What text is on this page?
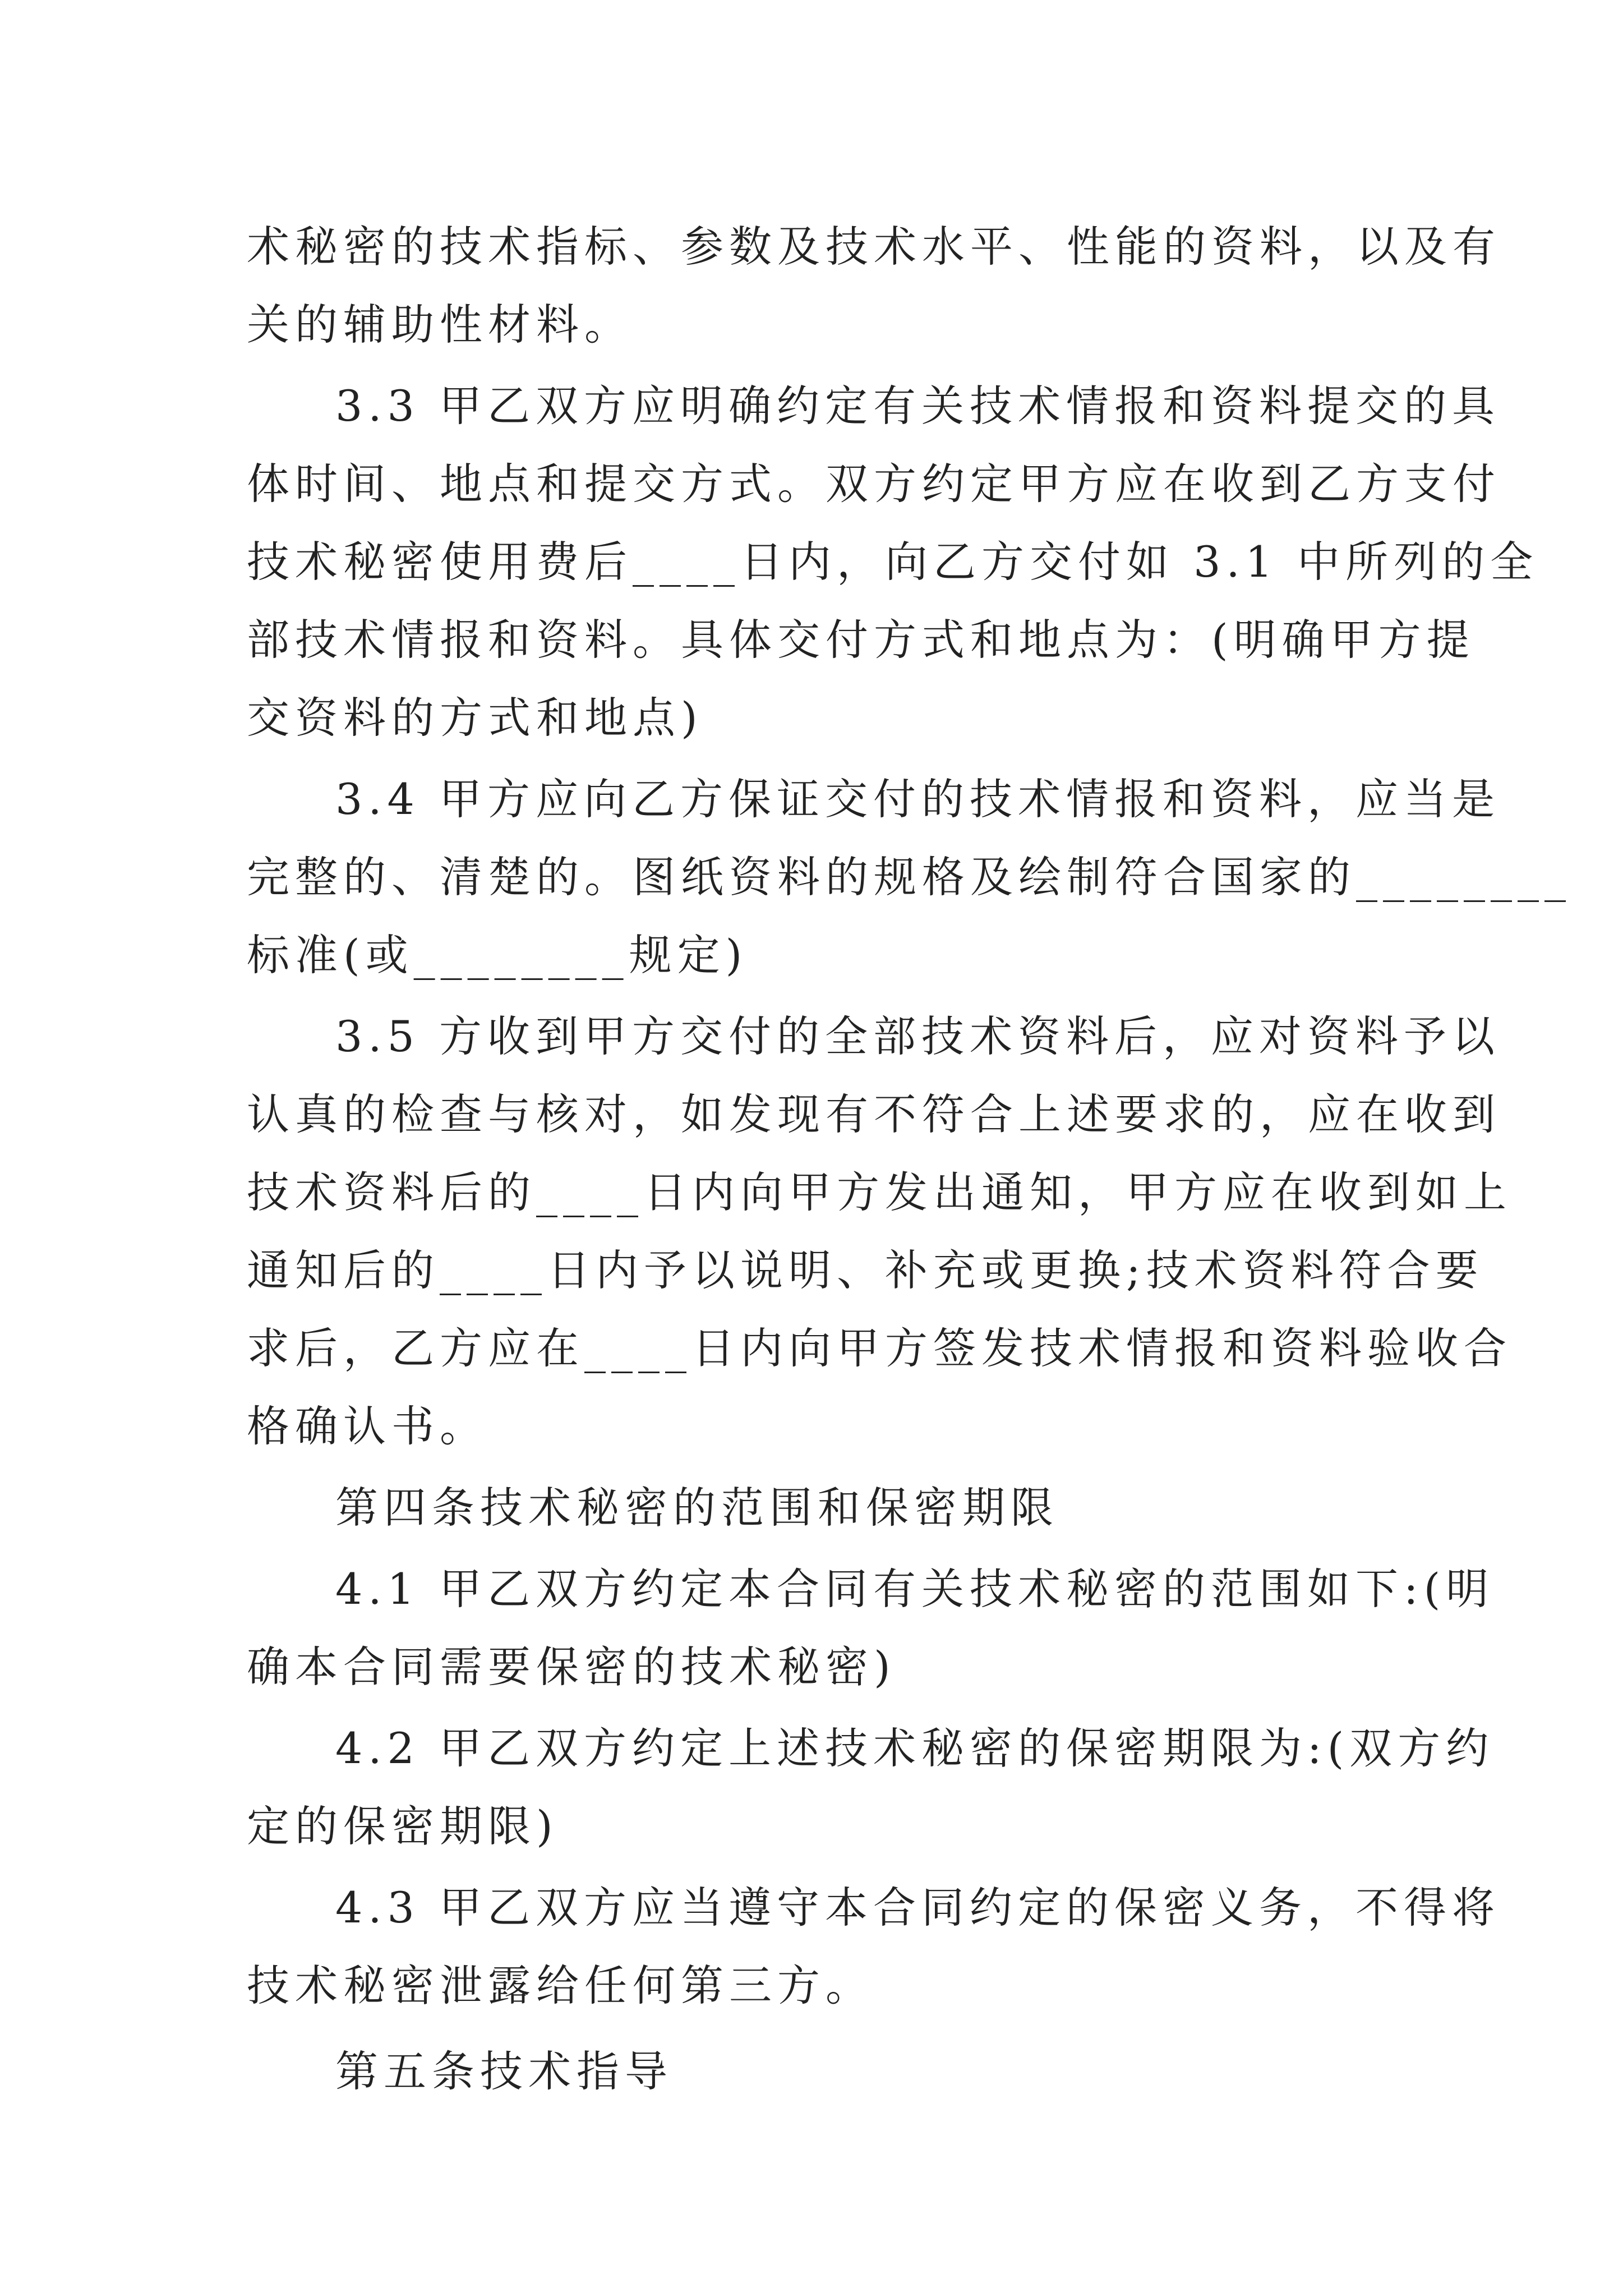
术秘密的技术指标、参数及技术水平、性能的资料，以及有
关的辅助性材料。
3.3 甲乙双方应明确约定有关技术情报和资料提交的具
体时间、地点和提交方式。双方约定甲方应在收到乙方支付
技术秘密使用费后____日内，向乙方交付如 3.1 中所列的全
部技术情报和资料。具体交付方式和地点为：(明确甲方提
交资料的方式和地点)
3.4 甲方应向乙方保证交付的技术情报和资料，应当是
完整的、清楚的。图纸资料的规格及绘制符合国家的________
标准(或________规定)
3.5 方收到甲方交付的全部技术资料后，应对资料予以
认真的检查与核对，如发现有不符合上述要求的，应在收到
技术资料后的____日内向甲方发出通知，甲方应在收到如上
通知后的____日内予以说明、补充或更换;技术资料符合要
求后，乙方应在____日内向甲方签发技术情报和资料验收合
格确认书。
第四条技术秘密的范围和保密期限
4.1 甲乙双方约定本合同有关技术秘密的范围如下:(明
确本合同需要保密的技术秘密)
4.2 甲乙双方约定上述技术秘密的保密期限为:(双方约
定的保密期限)
4.3 甲乙双方应当遵守本合同约定的保密义务，不得将
技术秘密泄露给任何第三方。
第五条技术指导
